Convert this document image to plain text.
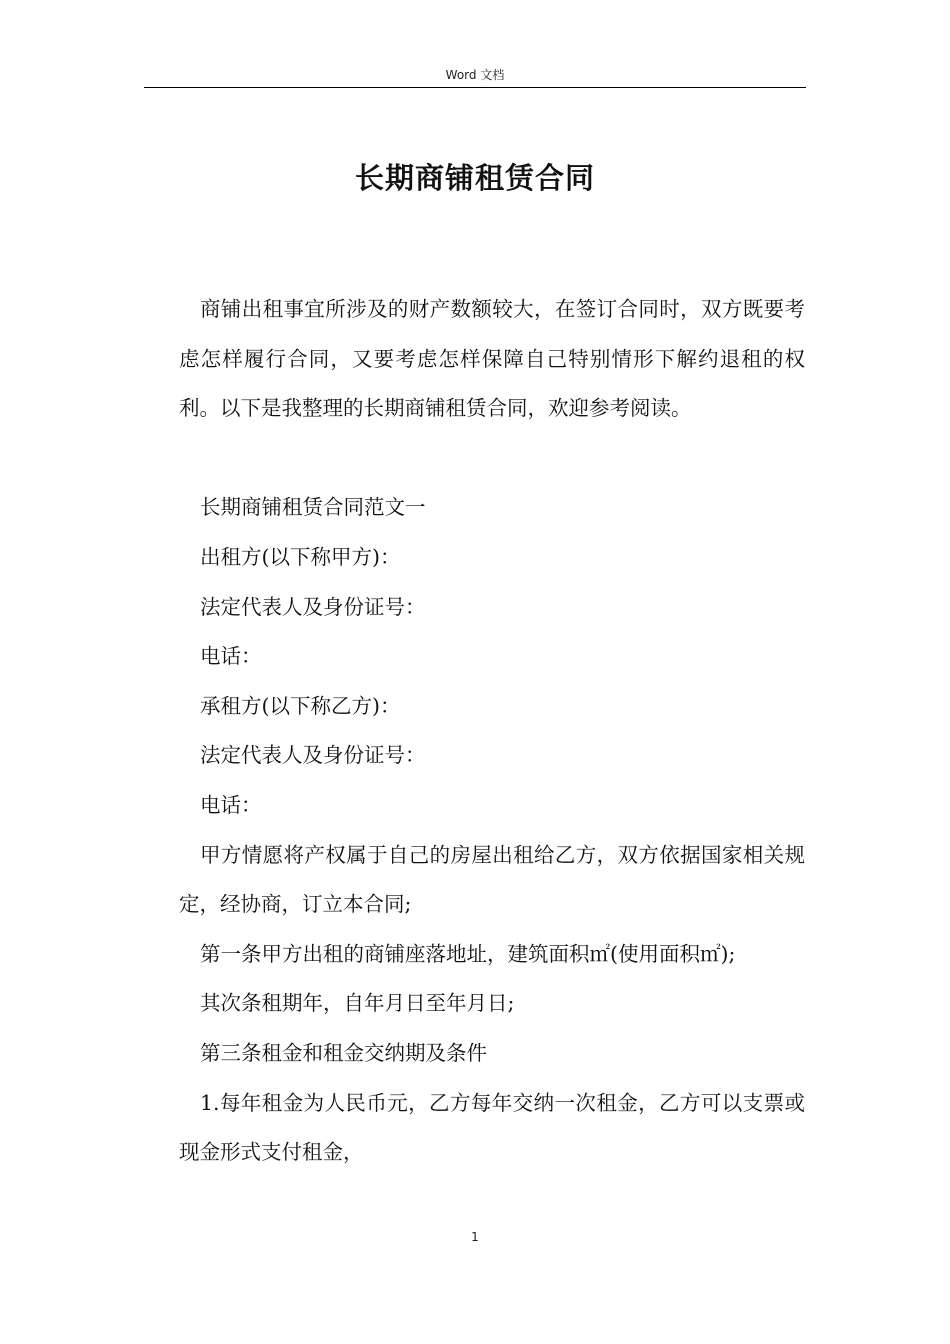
Word 文档
长期商铺租赁合同

商铺出租事宜所涉及的财产数额较大，在签订合同时，双方既要考虑怎样履行合同，又要考虑怎样保障自己特别情形下解约退租的权利。以下是我整理的长期商铺租赁合同，欢迎参考阅读。

长期商铺租赁合同范文一

出租方(以下称甲方)：

法定代表人及身份证号：

电话：

承租方(以下称乙方)：

法定代表人及身份证号：

电话：

甲方情愿将产权属于自己的房屋出租给乙方，双方依据国家相关规定，经协商，订立本合同;

第一条甲方出租的商铺座落地址，建筑面积㎡(使用面积㎡);

其次条租期年，自年月日至年月日;

第三条租金和租金交纳期及条件

1.每年租金为人民币元，乙方每年交纳一次租金，乙方可以支票或现金形式支付租金，

1
